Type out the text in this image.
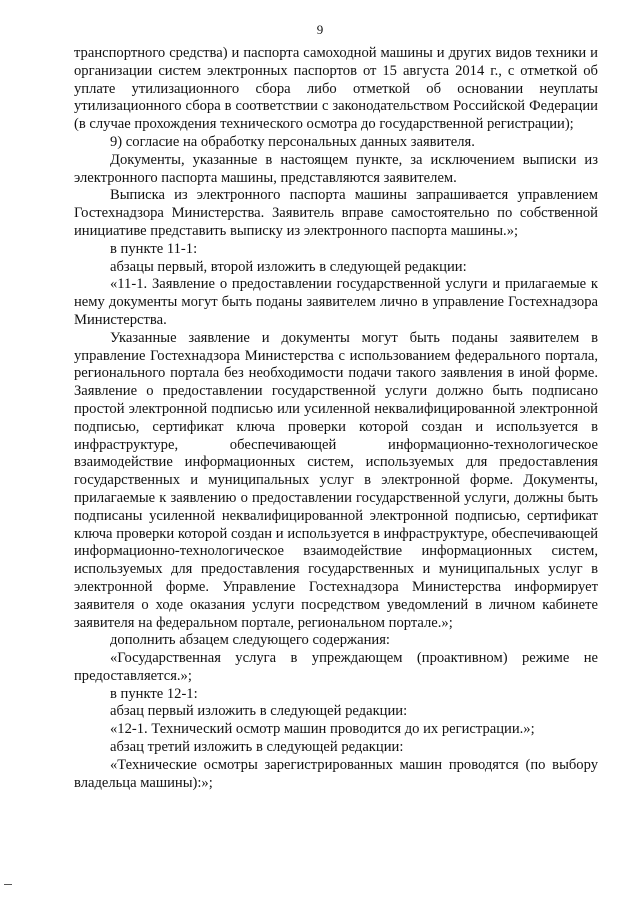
9

транспортного средства) и паспорта самоходной машины и других видов техники и организации систем электронных паспортов от 15 августа 2014 г., с отметкой об уплате утилизационного сбора либо отметкой об основании неуплаты утилизационного сбора в соответствии с законодательством Российской Федерации (в случае прохождения технического осмотра до государственной регистрации);

9) согласие на обработку персональных данных заявителя.

Документы, указанные в настоящем пункте, за исключением выписки из электронного паспорта машины, представляются заявителем.

Выписка из электронного паспорта машины запрашивается управлением Гостехнадзора Министерства. Заявитель вправе самостоятельно по собственной инициативе представить выписку из электронного паспорта машины.»;

в пункте 11-1:

абзацы первый, второй изложить в следующей редакции:

«11-1. Заявление о предоставлении государственной услуги и прилагаемые к нему документы могут быть поданы заявителем лично в управление Гостехнадзора Министерства.

Указанные заявление и документы могут быть поданы заявителем в управление Гостехнадзора Министерства с использованием федерального портала, регионального портала без необходимости подачи такого заявления в иной форме. Заявление о предоставлении государственной услуги должно быть подписано простой электронной подписью или усиленной неквалифицированной электронной подписью, сертификат ключа проверки которой создан и используется в инфраструктуре, обеспечивающей информационно-технологическое взаимодействие информационных систем, используемых для предоставления государственных и муниципальных услуг в электронной форме. Документы, прилагаемые к заявлению о предоставлении государственной услуги, должны быть подписаны усиленной неквалифицированной электронной подписью, сертификат ключа проверки которой создан и используется в инфраструктуре, обеспечивающей информационно-технологическое взаимодействие информационных систем, используемых для предоставления государственных и муниципальных услуг в электронной форме. Управление Гостехнадзора Министерства информирует заявителя о ходе оказания услуги посредством уведомлений в личном кабинете заявителя на федеральном портале, региональном портале.»;

дополнить абзацем следующего содержания:

«Государственная услуга в упреждающем (проактивном) режиме не предоставляется.»;

в пункте 12-1:

абзац первый изложить в следующей редакции:

«12-1. Технический осмотр машин проводится до их регистрации.»;

абзац третий изложить в следующей редакции:

«Технические осмотры зарегистрированных машин проводятся (по выбору владельца машины):»;
